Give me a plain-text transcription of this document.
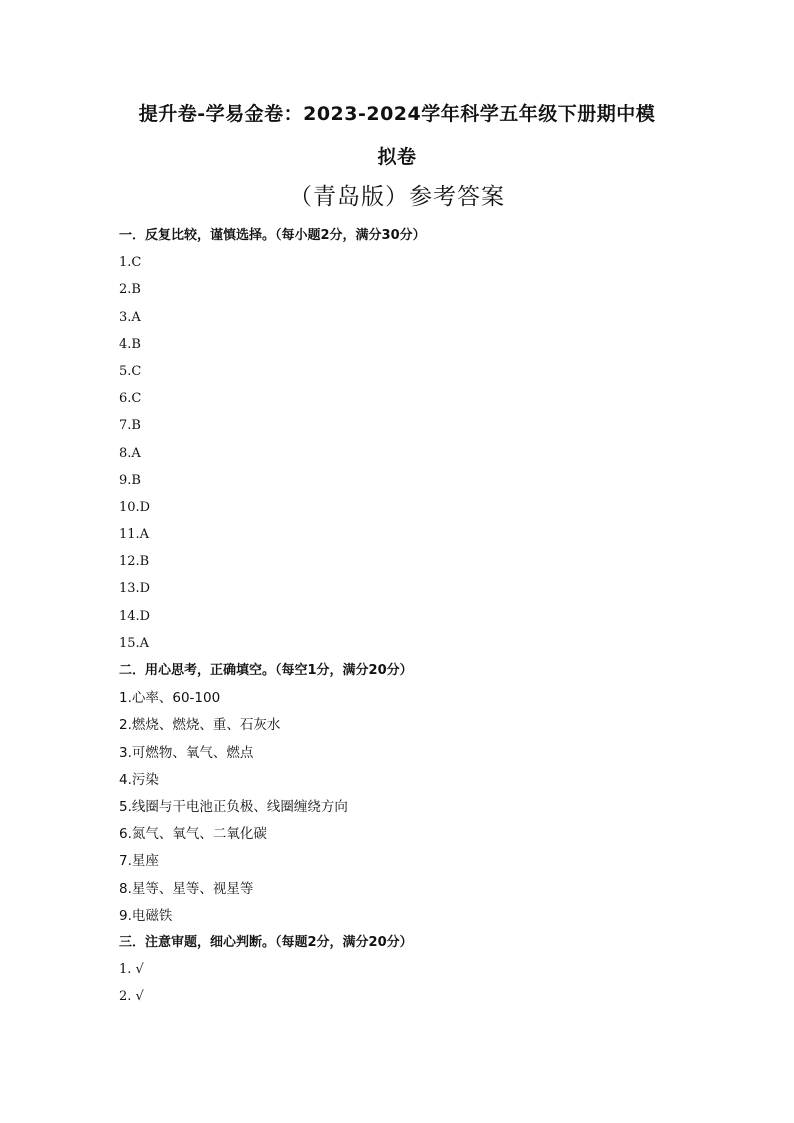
提升卷-学易金卷：2023-2024学年科学五年级下册期中模
拟卷
（青岛版）参考答案
一．反复比较，谨慎选择。（每小题2分，满分30分）
1.C
2.B
3.A
4.B
5.C
6.C
7.B
8.A
9.B
10.D
11.A
12.B
13.D
14.D
15.A
二．用心思考，正确填空。（每空1分，满分20分）
1.心率、60-100
2.燃烧、燃烧、重、石灰水
3.可燃物、氧气、燃点
4.污染
5.线圈与干电池正负极、线圈缠绕方向
6.氮气、氧气、二氧化碳
7.星座
8.星等、星等、视星等
9.电磁铁
三．注意审题，细心判断。（每题2分，满分20分）
1. √
2. √
